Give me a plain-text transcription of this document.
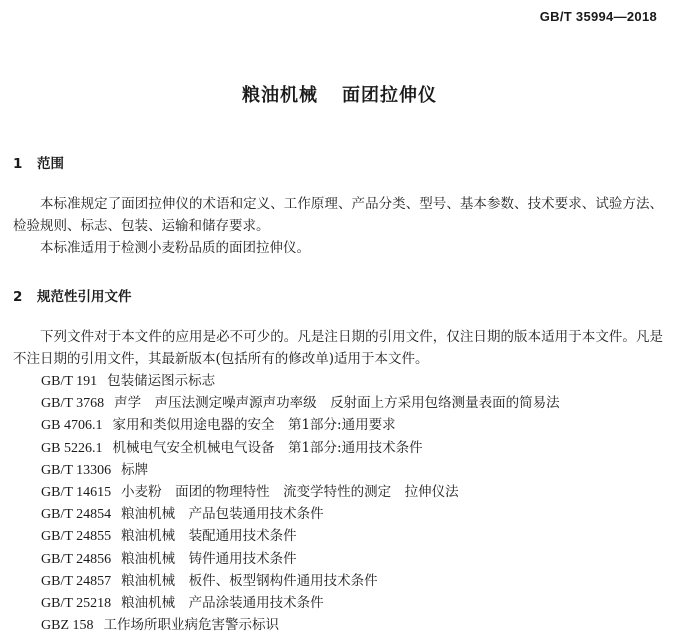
GB/T 35994—2018
粮油机械 面团拉伸仪
1 范围
本标准规定了面团拉伸仪的术语和定义、工作原理、产品分类、型号、基本参数、技术要求、试验方法、检验规则、标志、包装、运输和储存要求。
本标准适用于检测小麦粉品质的面团拉伸仪。
2 规范性引用文件
下列文件对于本文件的应用是必不可少的。凡是注日期的引用文件，仅注日期的版本适用于本文件。凡是不注日期的引用文件，其最新版本(包括所有的修改单)适用于本文件。
GB/T 191 包装储运图示标志
GB/T 3768 声学　声压法测定噪声源声功率级　反射面上方采用包络测量表面的简易法
GB 4706.1 家用和类似用途电器的安全　第1部分:通用要求
GB 5226.1 机械电气安全机械电气设备　第1部分:通用技术条件
GB/T 13306 标牌
GB/T 14615 小麦粉　面团的物理特性　流变学特性的测定　拉伸仪法
GB/T 24854 粮油机械　产品包装通用技术条件
GB/T 24855 粮油机械　装配通用技术条件
GB/T 24856 粮油机械　铸件通用技术条件
GB/T 24857 粮油机械　板件、板型钢构件通用技术条件
GB/T 25218 粮油机械　产品涂装通用技术条件
GBZ 158 工作场所职业病危害警示标识
